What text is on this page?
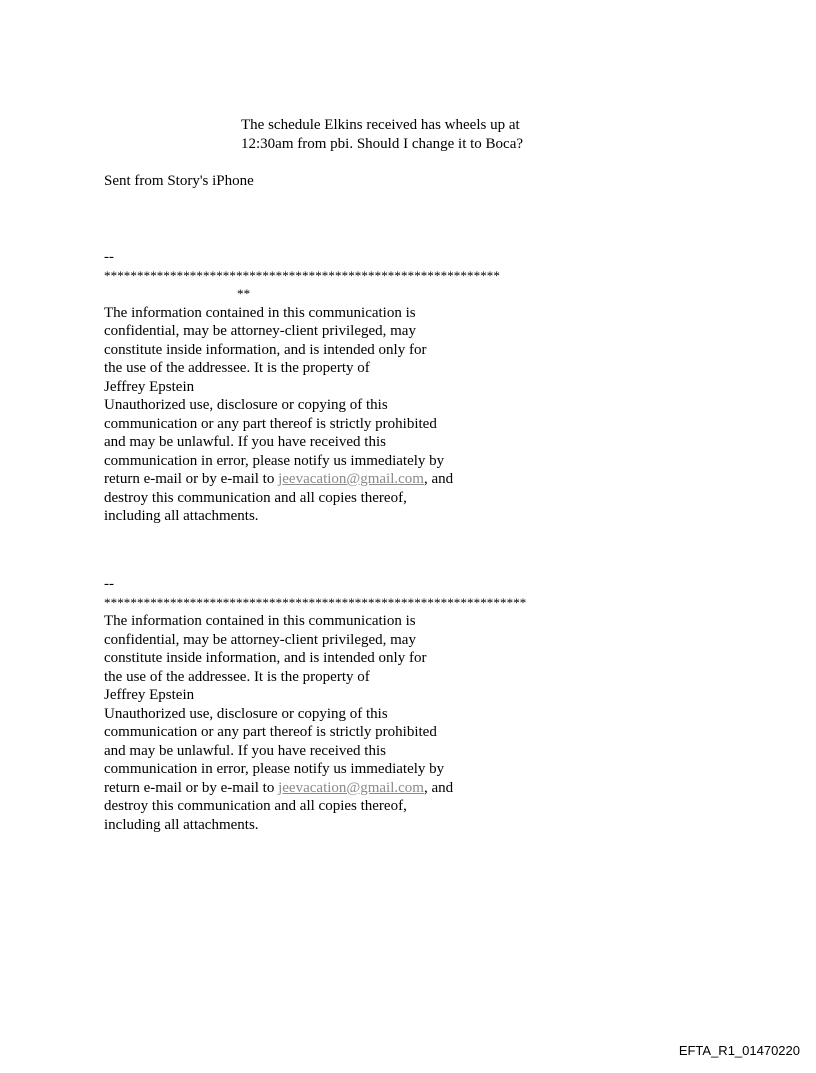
The schedule Elkins received has wheels up at
12:30am from pbi. Should I change it to Boca?
Sent from Story's iPhone
--
************************************************************
**
The information contained in this communication is
confidential, may be attorney-client privileged, may
constitute inside information, and is intended only for
the use of the addressee. It is the property of
Jeffrey Epstein
Unauthorized use, disclosure or copying of this
communication or any part thereof is strictly prohibited
and may be unlawful. If you have received this
communication in error, please notify us immediately by
return e-mail or by e-mail to jeevacation@gmail.com, and
destroy this communication and all copies thereof,
including all attachments.
--
****************************************************************
The information contained in this communication is
confidential, may be attorney-client privileged, may
constitute inside information, and is intended only for
the use of the addressee. It is the property of
Jeffrey Epstein
Unauthorized use, disclosure or copying of this
communication or any part thereof is strictly prohibited
and may be unlawful. If you have received this
communication in error, please notify us immediately by
return e-mail or by e-mail to jeevacation@gmail.com, and
destroy this communication and all copies thereof,
including all attachments.
EFTA_R1_01470220
